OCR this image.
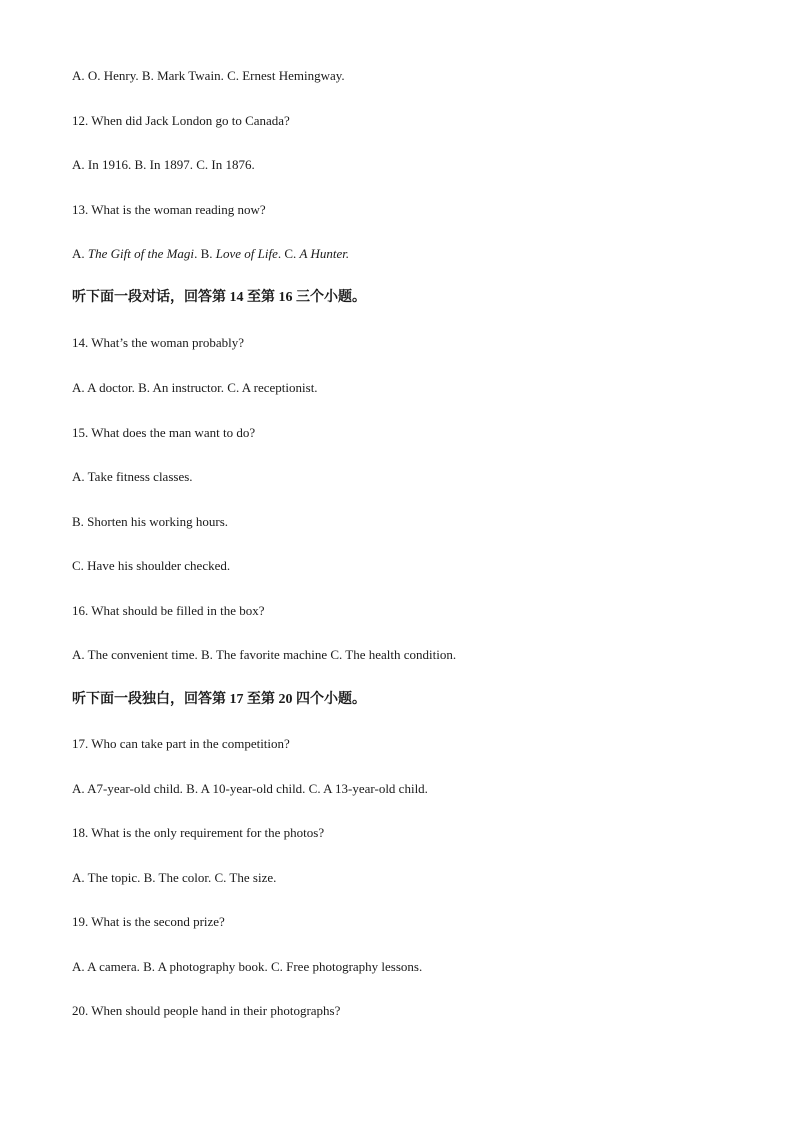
A. O. Henry. B. Mark Twain. C. Ernest Hemingway.
12. When did Jack London go to Canada?
A. In 1916. B. In 1897. C. In 1876.
13. What is the woman reading now?
A. The Gift of the Magi. B. Love of Life. C. A Hunter.
听下面一段对话，回答第 14 至第 16 三个小题。
14. What’s the woman probably?
A. A doctor. B. An instructor. C. A receptionist.
15. What does the man want to do?
A. Take fitness classes.
B. Shorten his working hours.
C. Have his shoulder checked.
16. What should be filled in the box?
A. The convenient time. B. The favorite machine C. The health condition.
听下面一段独白，回答第 17 至第 20 四个小题。
17. Who can take part in the competition?
A. A7-year-old child. B. A 10-year-old child. C. A 13-year-old child.
18. What is the only requirement for the photos?
A. The topic. B. The color. C. The size.
19. What is the second prize?
A. A camera. B. A photography book. C. Free photography lessons.
20. When should people hand in their photographs?
